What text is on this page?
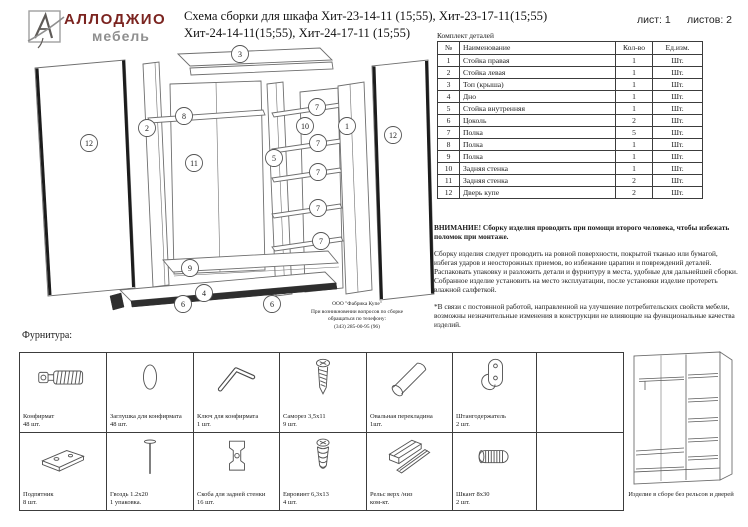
АЛЛОДЖИО
мебель
Схема сборки для шкафа Хит-23-14-11 (15;55), Хит-23-17-11(15;55)
Хит-24-14-11(15;55), Хит-24-17-11 (15;55)
лист: 1 листов: 2
3
12
2
8
11
9
5
10
7
7
7
7
7
1
12
6
4
6	ООО "Фабрика Купе"
При возникновении вопросов по сборке
обращаться по телефону:
(343) 285-00-95 (96)
Комплект деталей
№	Наименование	Кол-во	Ед.изм.
1	Стойка правая	1	Шт.
2	Стойка левая	1	Шт.
3	Топ (крыша)	1	Шт.
4	Дно	1	Шт.
5	Стойка внутренняя	1	Шт.
6	Цоколь	2	Шт.
7	Полка	5	Шт.
8	Полка	1	Шт.
9	Полка	1	Шт.
10	Задняя стенка	1	Шт.
11	Задняя стенка	2	Шт.
12	Дверь купе	2	Шт.

ВНИМАНИЕ! Сборку изделия проводить при помощи второго человека, чтобы избежать поломок при монтаже.

Сборку изделия следует проводить на ровной поверхности, покрытой тканью или бумагой, избегая ударов и неосторожных приемов, во избежание царапин и повреждений деталей.

Распаковать упаковку и разложить детали и фурнитуру в места, удобные для дальнейшей сборки.

Собранное изделие установить на место эксплуатации, после установки изделие протереть влажной салфеткой.

*В связи с постоянной работой, направленной на улучшение потребительских свойств мебели, возможны незначительные изменения в конструкции не влияющие на функциональные качества изделий.

Фурнитура:
Конфирмат
48 шт.

Заглушка для конфирмата
48 шт.

Ключ для конфирмата
1 шт.

Саморез 3,5х11
9 шт.

Овальная перекладина
1шт.

Штангодержатель
2 шт.

Подпятник
8 шт.

Гвоздь 1.2х20
1 упаковка.

Скоба для задней стенки
16 шт.

Евровинт 6,3х13
4 шт.

Рельс верх /низ
ком-кт.

Шкант 8х30
2 шт.

Изделие в сборе без рельсов и дверей
